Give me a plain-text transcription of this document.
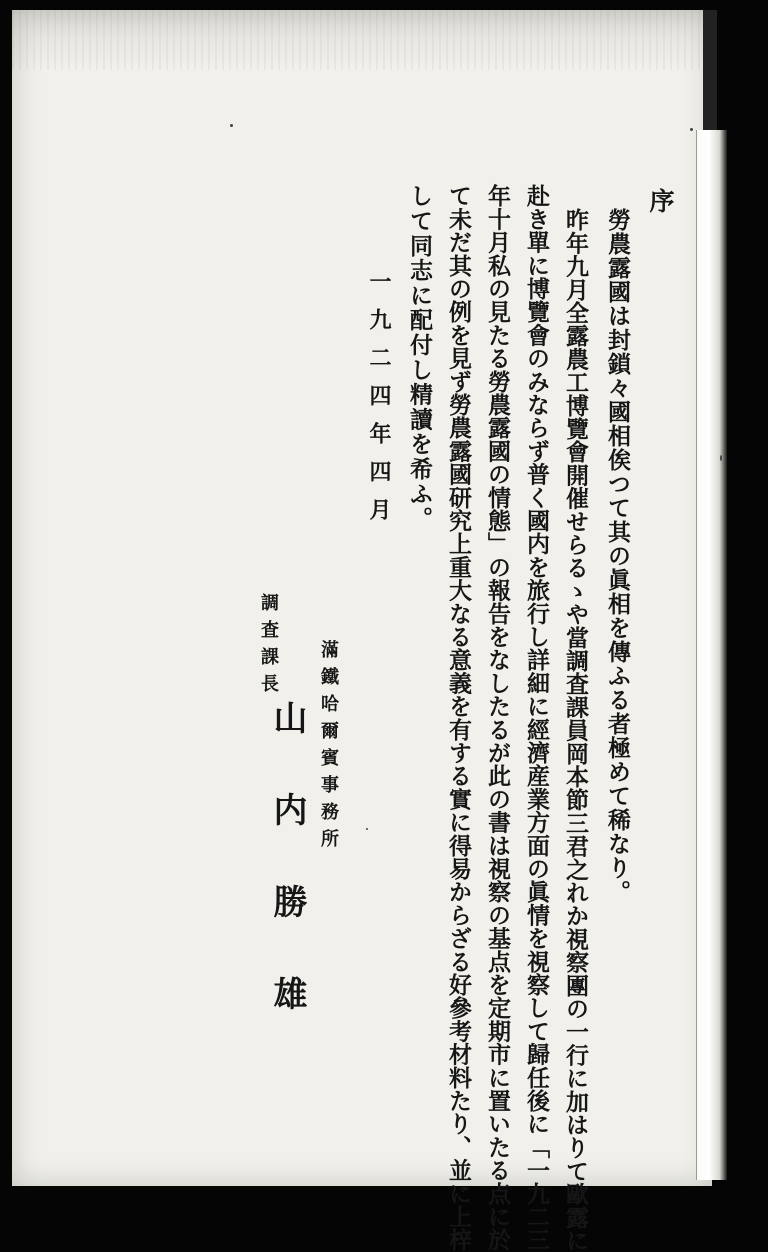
序
勞農露國は封鎖々國相俟つて其の眞相を傳ふる者極めて稀なり。
昨年九月全露農工博覽會開催せらるゝや當調査課員岡本節三君之れか視察團の一行に加はりて歐露に
赴き單に博覽會のみならず普く國内を旅行し詳細に經濟産業方面の眞情を視察して歸任後に「一九二三
年十月私の見たる勞農露國の情態」の報告をなしたるが此の書は視察の基点を定期市に置いたる点に於
て未だ其の例を見ず勞農露國研究上重大なる意義を有する實に得易からざる好參考材料たり、並に上梓
して同志に配付し精讀を希ふ。
一九二四年四月
滿鐵哈爾賓事務所
調査課長
山内勝雄
